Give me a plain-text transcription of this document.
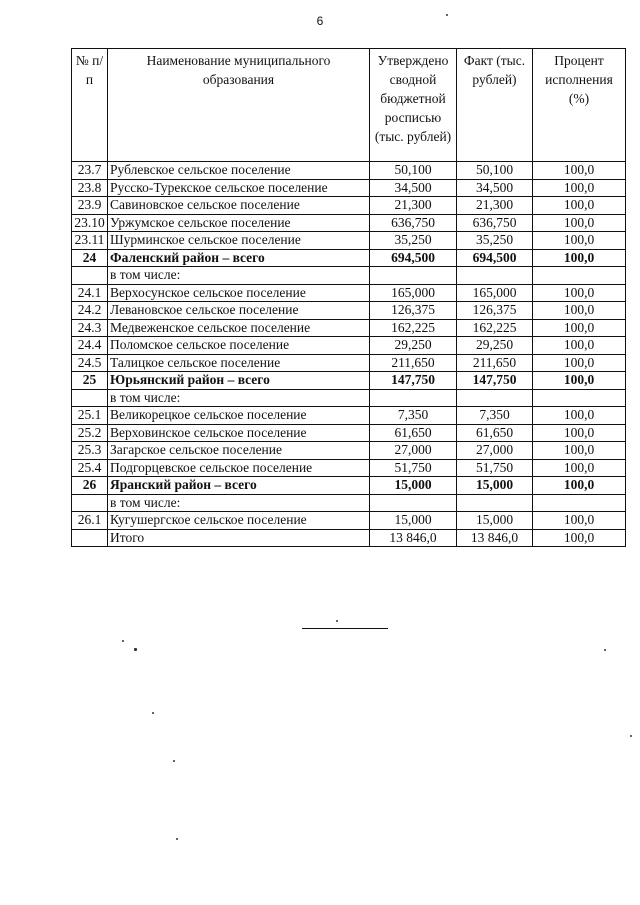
6
№ п/п	Наименование муниципального образования	Утверждено сводной бюджетной росписью (тыс. рублей)	Факт (тыс. рублей)	Процент исполнения (%)
23.7	Рублевское сельское поселение	50,100	50,100	100,0
23.8	Русско-Турекское сельское поселение	34,500	34,500	100,0
23.9	Савиновское сельское поселение	21,300	21,300	100,0
23.10	Уржумское сельское поселение	636,750	636,750	100,0
23.11	Шурминское сельское поселение	35,250	35,250	100,0
24	Фаленский район – всего	694,500	694,500	100,0
	в том числе:			
24.1	Верхосунское сельское поселение	165,000	165,000	100,0
24.2	Левановское сельское поселение	126,375	126,375	100,0
24.3	Медвеженское сельское поселение	162,225	162,225	100,0
24.4	Поломское сельское поселение	29,250	29,250	100,0
24.5	Талицкое сельское поселение	211,650	211,650	100,0
25	Юрьянский район – всего	147,750	147,750	100,0
	в том числе:			
25.1	Великорецкое сельское поселение	7,350	7,350	100,0
25.2	Верховинское сельское поселение	61,650	61,650	100,0
25.3	Загарское сельское поселение	27,000	27,000	100,0
25.4	Подгорцевское сельское поселение	51,750	51,750	100,0
26	Яранский район – всего	15,000	15,000	100,0
	в том числе:			
26.1	Кугушергское сельское поселение	15,000	15,000	100,0
	Итого	13 846,0	13 846,0	100,0
